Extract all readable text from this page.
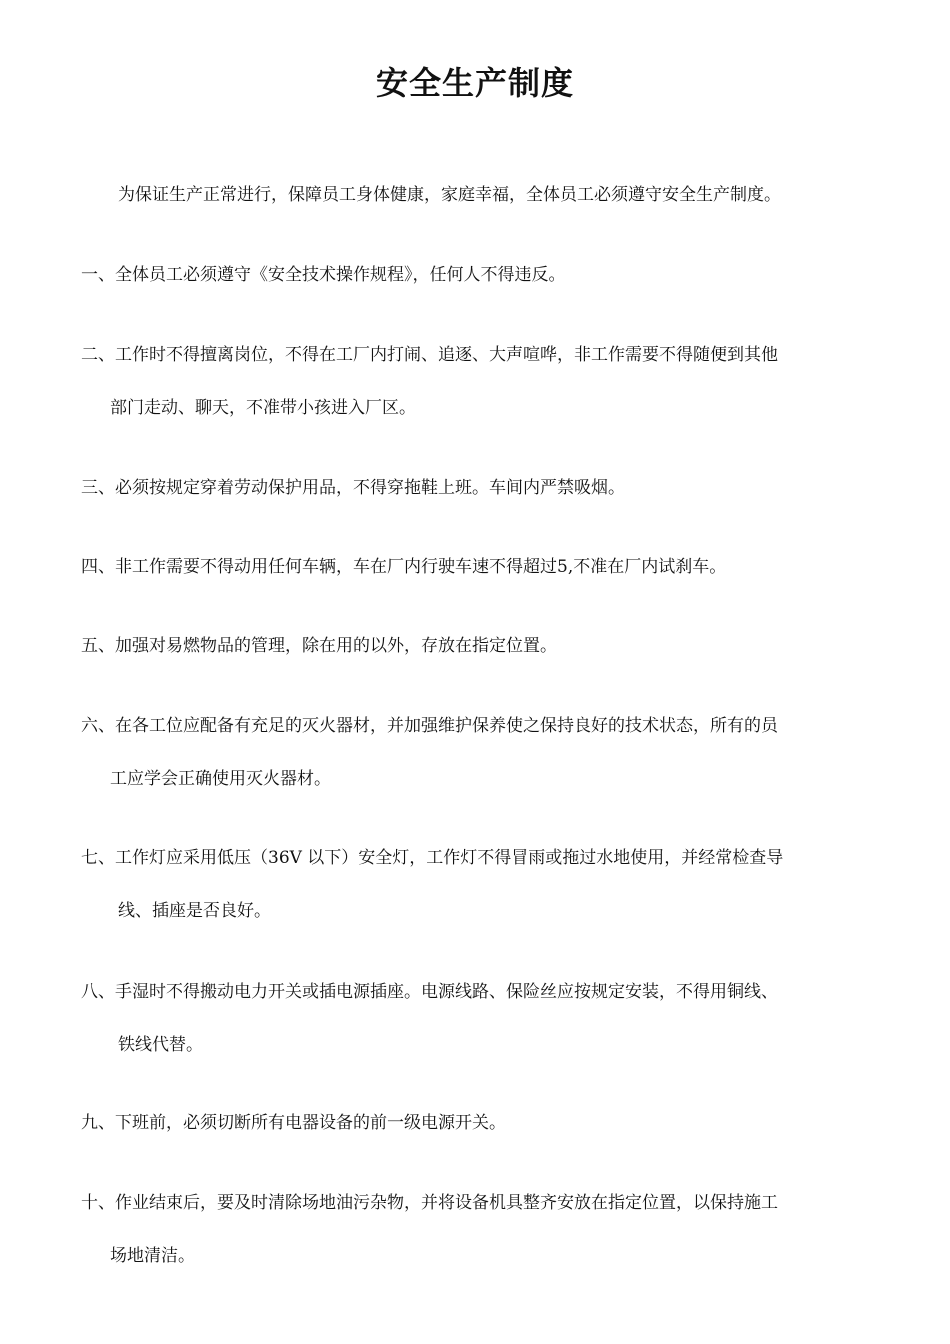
安全生产制度
为保证生产正常进行，保障员工身体健康，家庭幸福，全体员工必须遵守安全生产制度。
一、全体员工必须遵守《安全技术操作规程》，任何人不得违反。
二、工作时不得擅离岗位，不得在工厂内打闹、追逐、大声喧哗，非工作需要不得随便到其他
部门走动、聊天，不准带小孩进入厂区。
三、必须按规定穿着劳动保护用品，不得穿拖鞋上班。车间内严禁吸烟。
四、非工作需要不得动用任何车辆，车在厂内行驶车速不得超过5,不准在厂内试刹车。
五、加强对易燃物品的管理，除在用的以外，存放在指定位置。
六、在各工位应配备有充足的灭火器材，并加强维护保养使之保持良好的技术状态，所有的员
工应学会正确使用灭火器材。
七、工作灯应采用低压（36V 以下）安全灯，工作灯不得冒雨或拖过水地使用，并经常检查导
线、插座是否良好。
八、手湿时不得搬动电力开关或插电源插座。电源线路、保险丝应按规定安装，不得用铜线、
铁线代替。
九、下班前，必须切断所有电器设备的前一级电源开关。
十、作业结束后，要及时清除场地油污杂物，并将设备机具整齐安放在指定位置，以保持施工
场地清洁。
